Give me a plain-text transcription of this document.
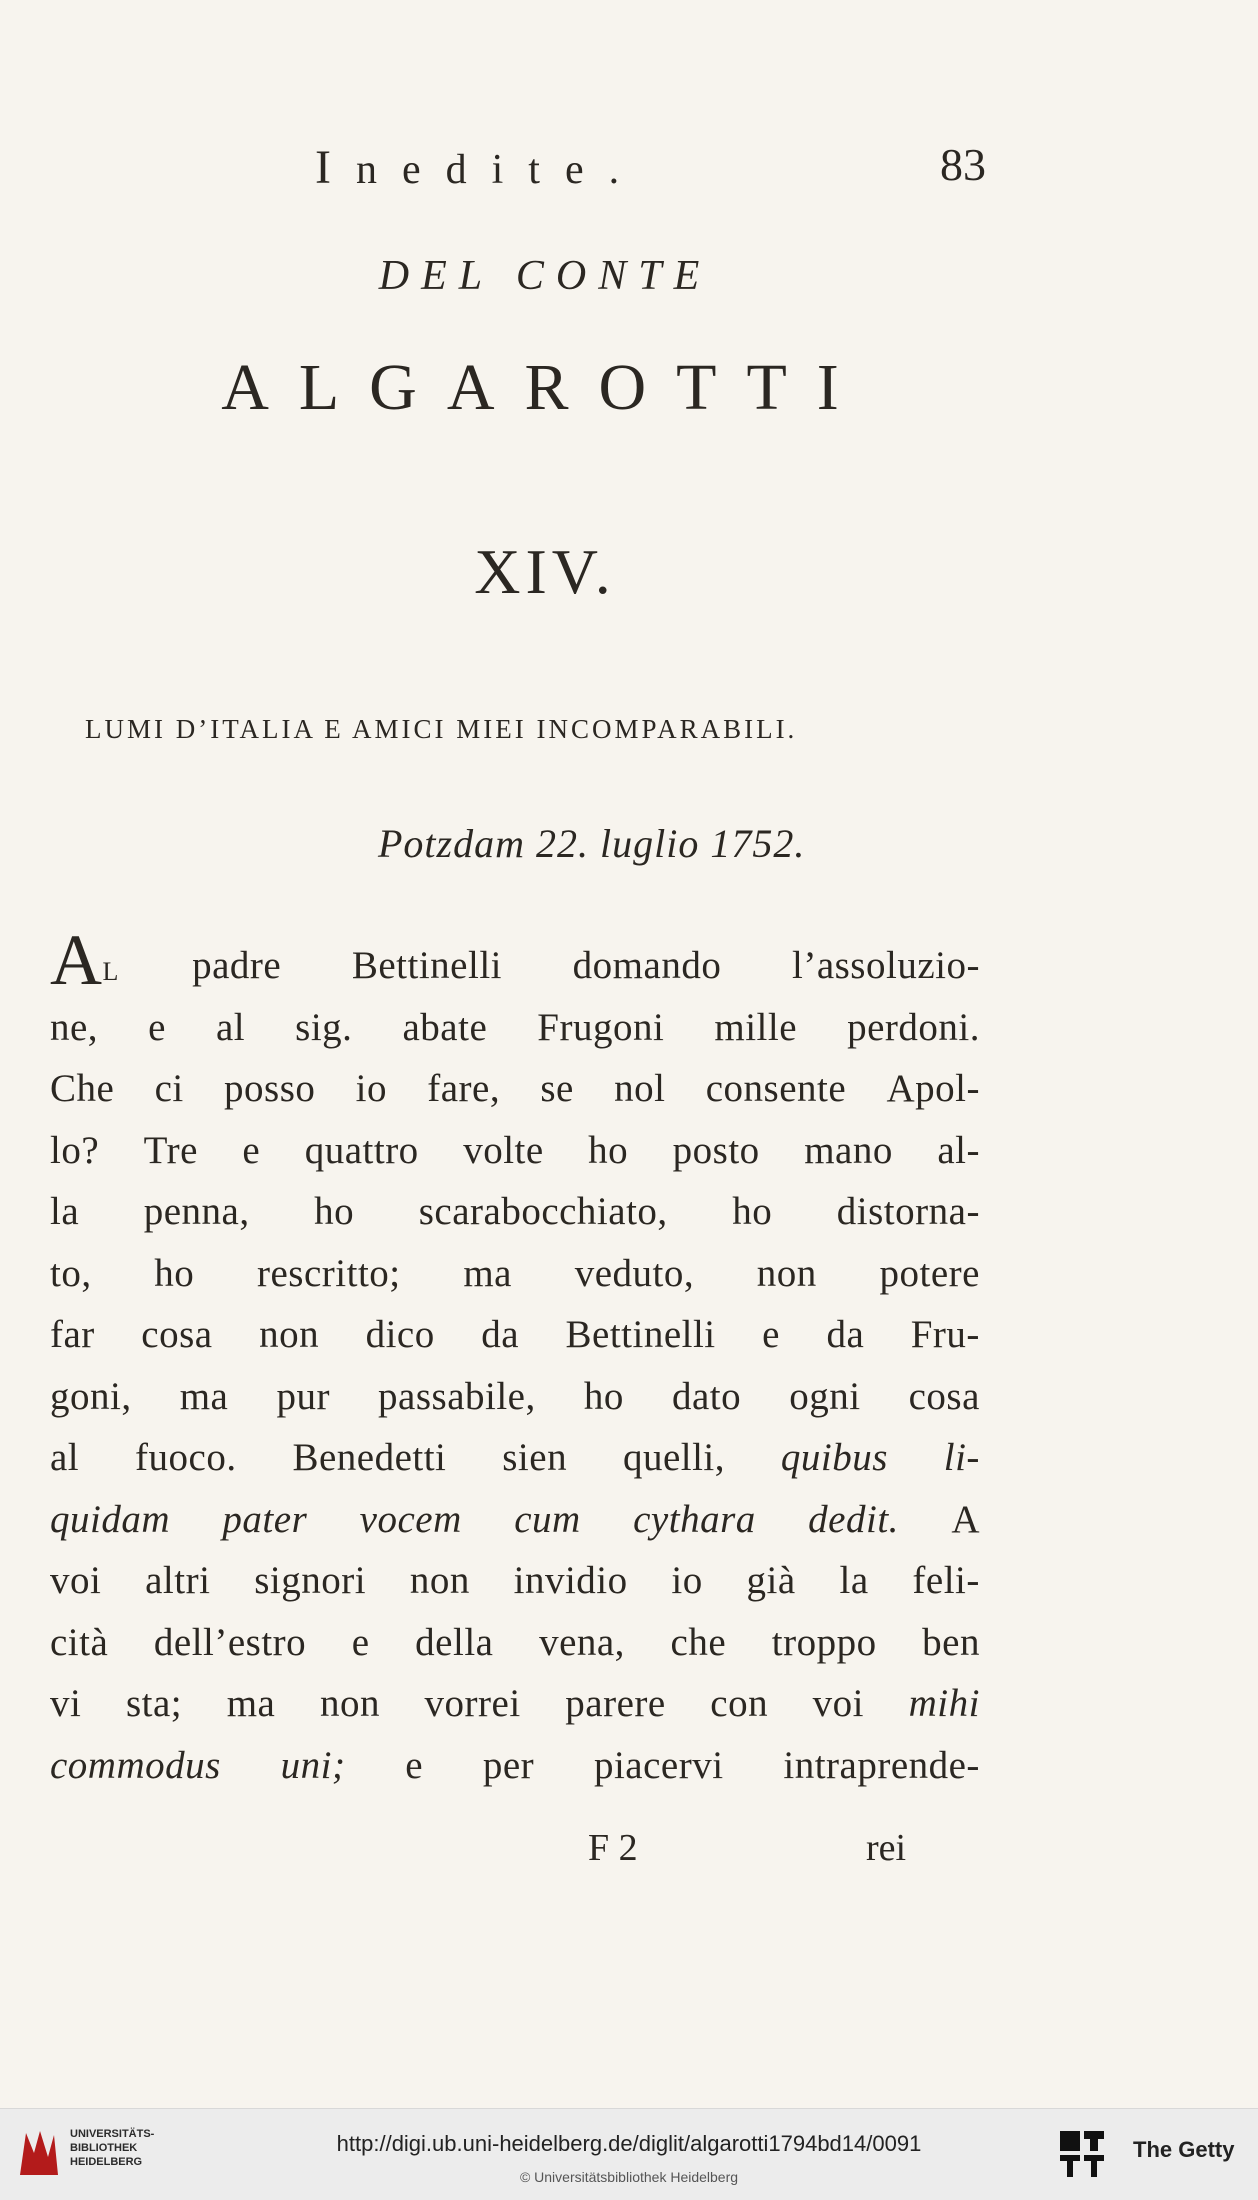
Inedite.	83
DEL CONTE
ALGAROTTI
XIV.
LUMI D’ITALIA E AMICI MIEI INCOMPARABILI.
Potzdam 22. luglio 1752.
AL padre Bettinelli domando l’assoluzio-
ne, e al sig. abate Frugoni mille perdoni.
Che ci posso io fare, se nol consente Apol-
lo? Tre e quattro volte ho posto mano al-
la penna, ho scarabocchiato, ho distorna-
to, ho rescritto; ma veduto, non potere
far cosa non dico da Bettinelli e da Fru-
goni, ma pur passabile, ho dato ogni cosa
al fuoco. Benedetti sien quelli, quibus li-
quidam pater vocem cum cythara dedit. A
voi altri signori non invidio io già la feli-
cità dell’estro e della vena, che troppo ben
vi sta; ma non vorrei parere con voi mihi
commodus uni; e per piacervi intraprende-
F 2	rei
UNIVERSITÄTS-
BIBLIOTHEK
HEIDELBERG
http://digi.ub.uni-heidelberg.de/diglit/algarotti1794bd14/0091
© Universitätsbibliothek Heidelberg
The Getty
